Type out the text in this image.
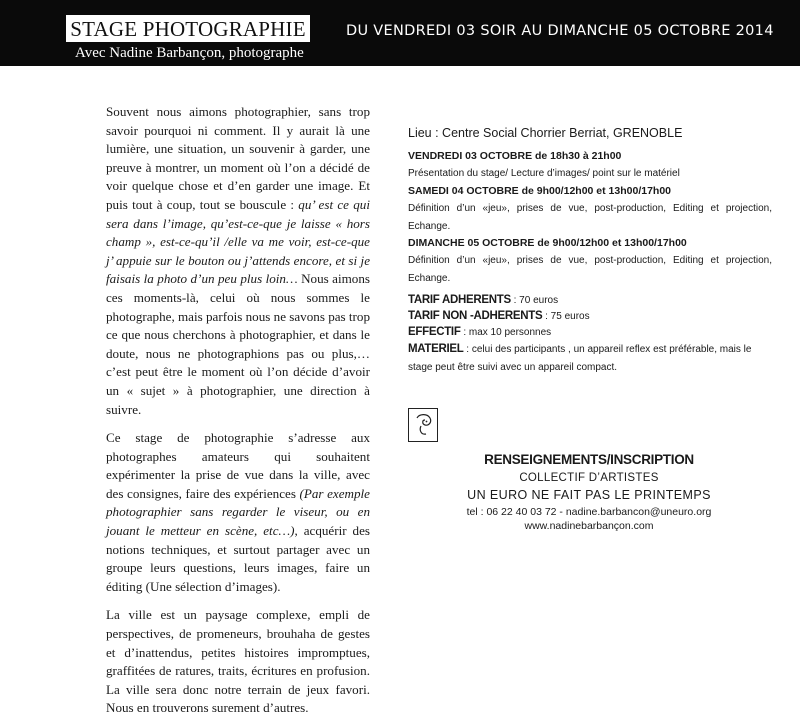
STAGE PHOTOGRAPHIE
Avec Nadine Barbançon, photographe
DU VENDREDI 03 SOIR AU DIMANCHE 05 OCTOBRE 2014

Souvent nous aimons photographier, sans trop savoir pourquoi ni comment. Il y aurait là une lumière, une situation, un souvenir à garder, une preuve à montrer, un moment où l’on a décidé de voir quelque chose et d’en garder une image. Et puis tout à coup, tout se bouscule : qu’ est ce qui sera dans l’image, qu’est-ce-que je laisse « hors champ », est-ce-qu’il /elle va me voir, est-ce-que j’ appuie sur le bouton ou j’attends encore, et si je faisais la photo d’un peu plus loin… Nous aimons ces moments-là, celui où nous sommes le photographe, mais parfois nous ne savons pas trop ce que nous cherchons à photographier, et dans le doute, nous ne photographions pas ou plus,… c’est peut être le moment où l’on décide d’avoir un « sujet » à photographier, une direction à suivre.

Ce stage de photographie s’adresse aux photographes amateurs qui souhaitent expérimenter la prise de vue dans la ville, avec des consignes, faire des expériences (Par exemple photographier sans regarder le viseur, ou en jouant le metteur en scène, etc…), acquérir des notions techniques, et surtout partager avec un groupe leurs questions, leurs images, faire un éditing (Une sélection d’images).

La ville est un paysage complexe, empli de perspectives, de promeneurs, brouhaha de gestes et d’inattendus, petites histoires impromptues, graffitées de ratures, traits, écritures en profusion. La ville sera donc notre terrain de jeux favori. Nous en trouverons surement d’autres.

Lieu : Centre Social Chorrier Berriat, GRENOBLE
VENDREDI 03 OCTOBRE de 18h30 à 21h00
Présentation du stage/ Lecture d’images/ point sur le matériel
SAMEDI 04 OCTOBRE de 9h00/12h00 et 13h00/17h00
Définition d’un «jeu», prises de vue, post-production, Editing et projection, Echange.
DIMANCHE 05 OCTOBRE de 9h00/12h00 et 13h00/17h00
Définition d’un «jeu», prises de vue, post-production, Editing et projection, Echange.
TARIF ADHERENTS : 70 euros
TARIF NON -ADHERENTS : 75 euros
EFFECTIF : max 10 personnes
MATERIEL : celui des participants , un appareil reflex est préférable, mais le stage peut être suivi avec un appareil compact.
RENSEIGNEMENTS/INSCRIPTION
COLLECTIF D’ARTISTES
UN EURO NE FAIT PAS LE PRINTEMPS
tel : 06 22 40 03 72 - nadine.barbancon@uneuro.org
www.nadinebarbançon.com
